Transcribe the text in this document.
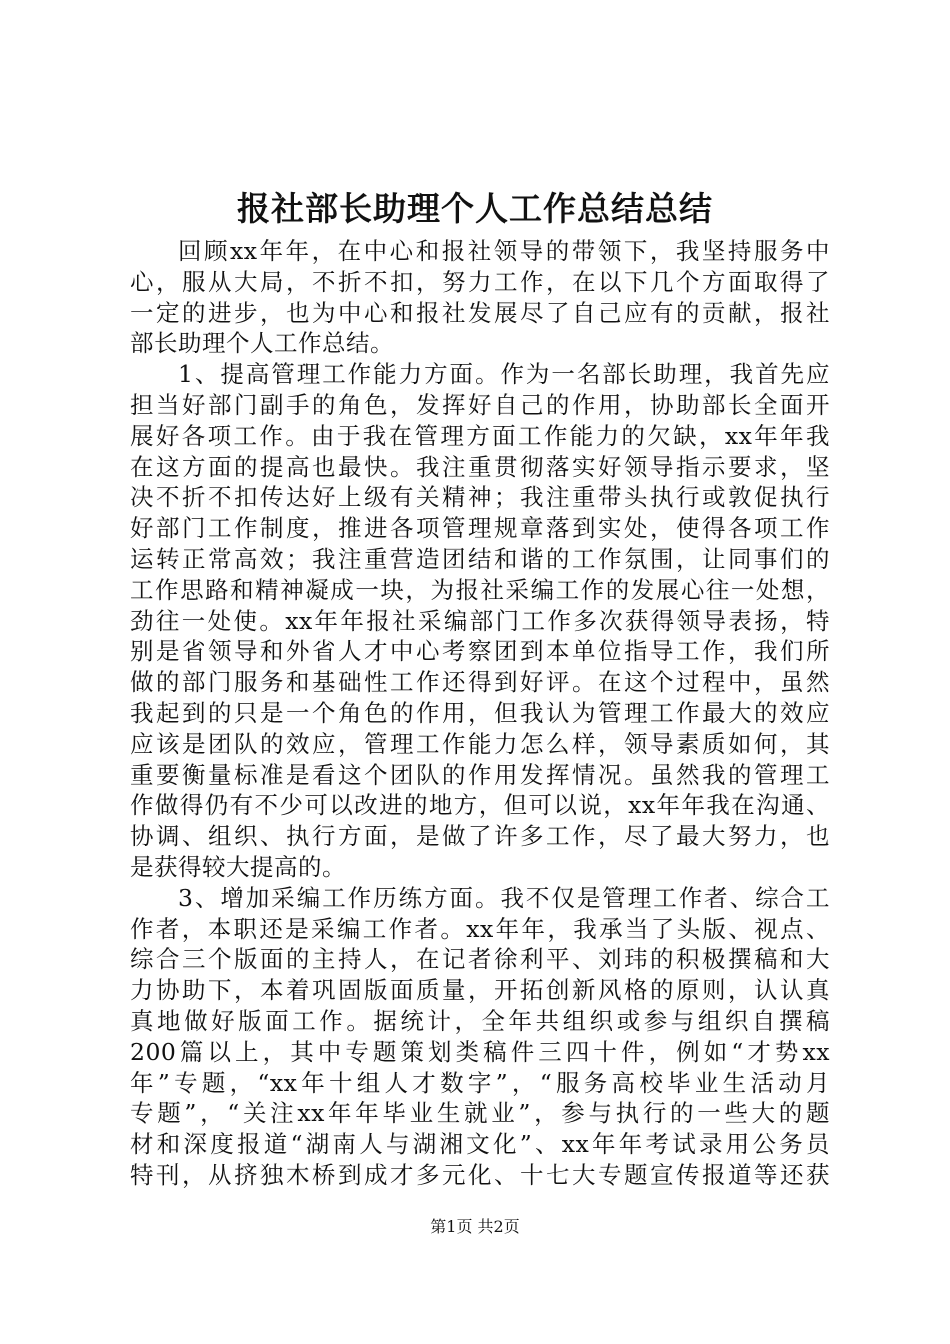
报社部长助理个人工作总结总结
回顾xx年年，在中心和报社领导的带领下，我坚持服务中
心，服从大局，不折不扣，努力工作，在以下几个方面取得了
一定的进步，也为中心和报社发展尽了自己应有的贡献，报社
部长助理个人工作总结。
1、提高管理工作能力方面。作为一名部长助理，我首先应
担当好部门副手的角色，发挥好自己的作用，协助部长全面开
展好各项工作。由于我在管理方面工作能力的欠缺，xx年年我
在这方面的提高也最快。我注重贯彻落实好领导指示要求，坚
决不折不扣传达好上级有关精神；我注重带头执行或敦促执行
好部门工作制度，推进各项管理规章落到实处，使得各项工作
运转正常高效；我注重营造团结和谐的工作氛围，让同事们的
工作思路和精神凝成一块，为报社采编工作的发展心往一处想，
劲往一处使。xx年年报社采编部门工作多次获得领导表扬，特
别是省领导和外省人才中心考察团到本单位指导工作，我们所
做的部门服务和基础性工作还得到好评。在这个过程中，虽然
我起到的只是一个角色的作用，但我认为管理工作最大的效应
应该是团队的效应，管理工作能力怎么样，领导素质如何，其
重要衡量标准是看这个团队的作用发挥情况。虽然我的管理工
作做得仍有不少可以改进的地方，但可以说，xx年年我在沟通、
协调、组织、执行方面，是做了许多工作，尽了最大努力，也
是获得较大提高的。
3、增加采编工作历练方面。我不仅是管理工作者、综合工
作者，本职还是采编工作者。xx年年，我承当了头版、视点、
综合三个版面的主持人，在记者徐利平、刘玮的积极撰稿和大
力协助下，本着巩固版面质量，开拓创新风格的原则，认认真
真地做好版面工作。据统计，全年共组织或参与组织自撰稿
200篇以上，其中专题策划类稿件三四十件，例如“才势xx
年”专题，“xx年十组人才数字”，“服务高校毕业生活动月
专题”，“关注xx年年毕业生就业”，参与执行的一些大的题
材和深度报道“湖南人与湖湘文化”、xx年年考试录用公务员
特刊，从挤独木桥到成才多元化、十七大专题宣传报道等还获
第1页 共2页
